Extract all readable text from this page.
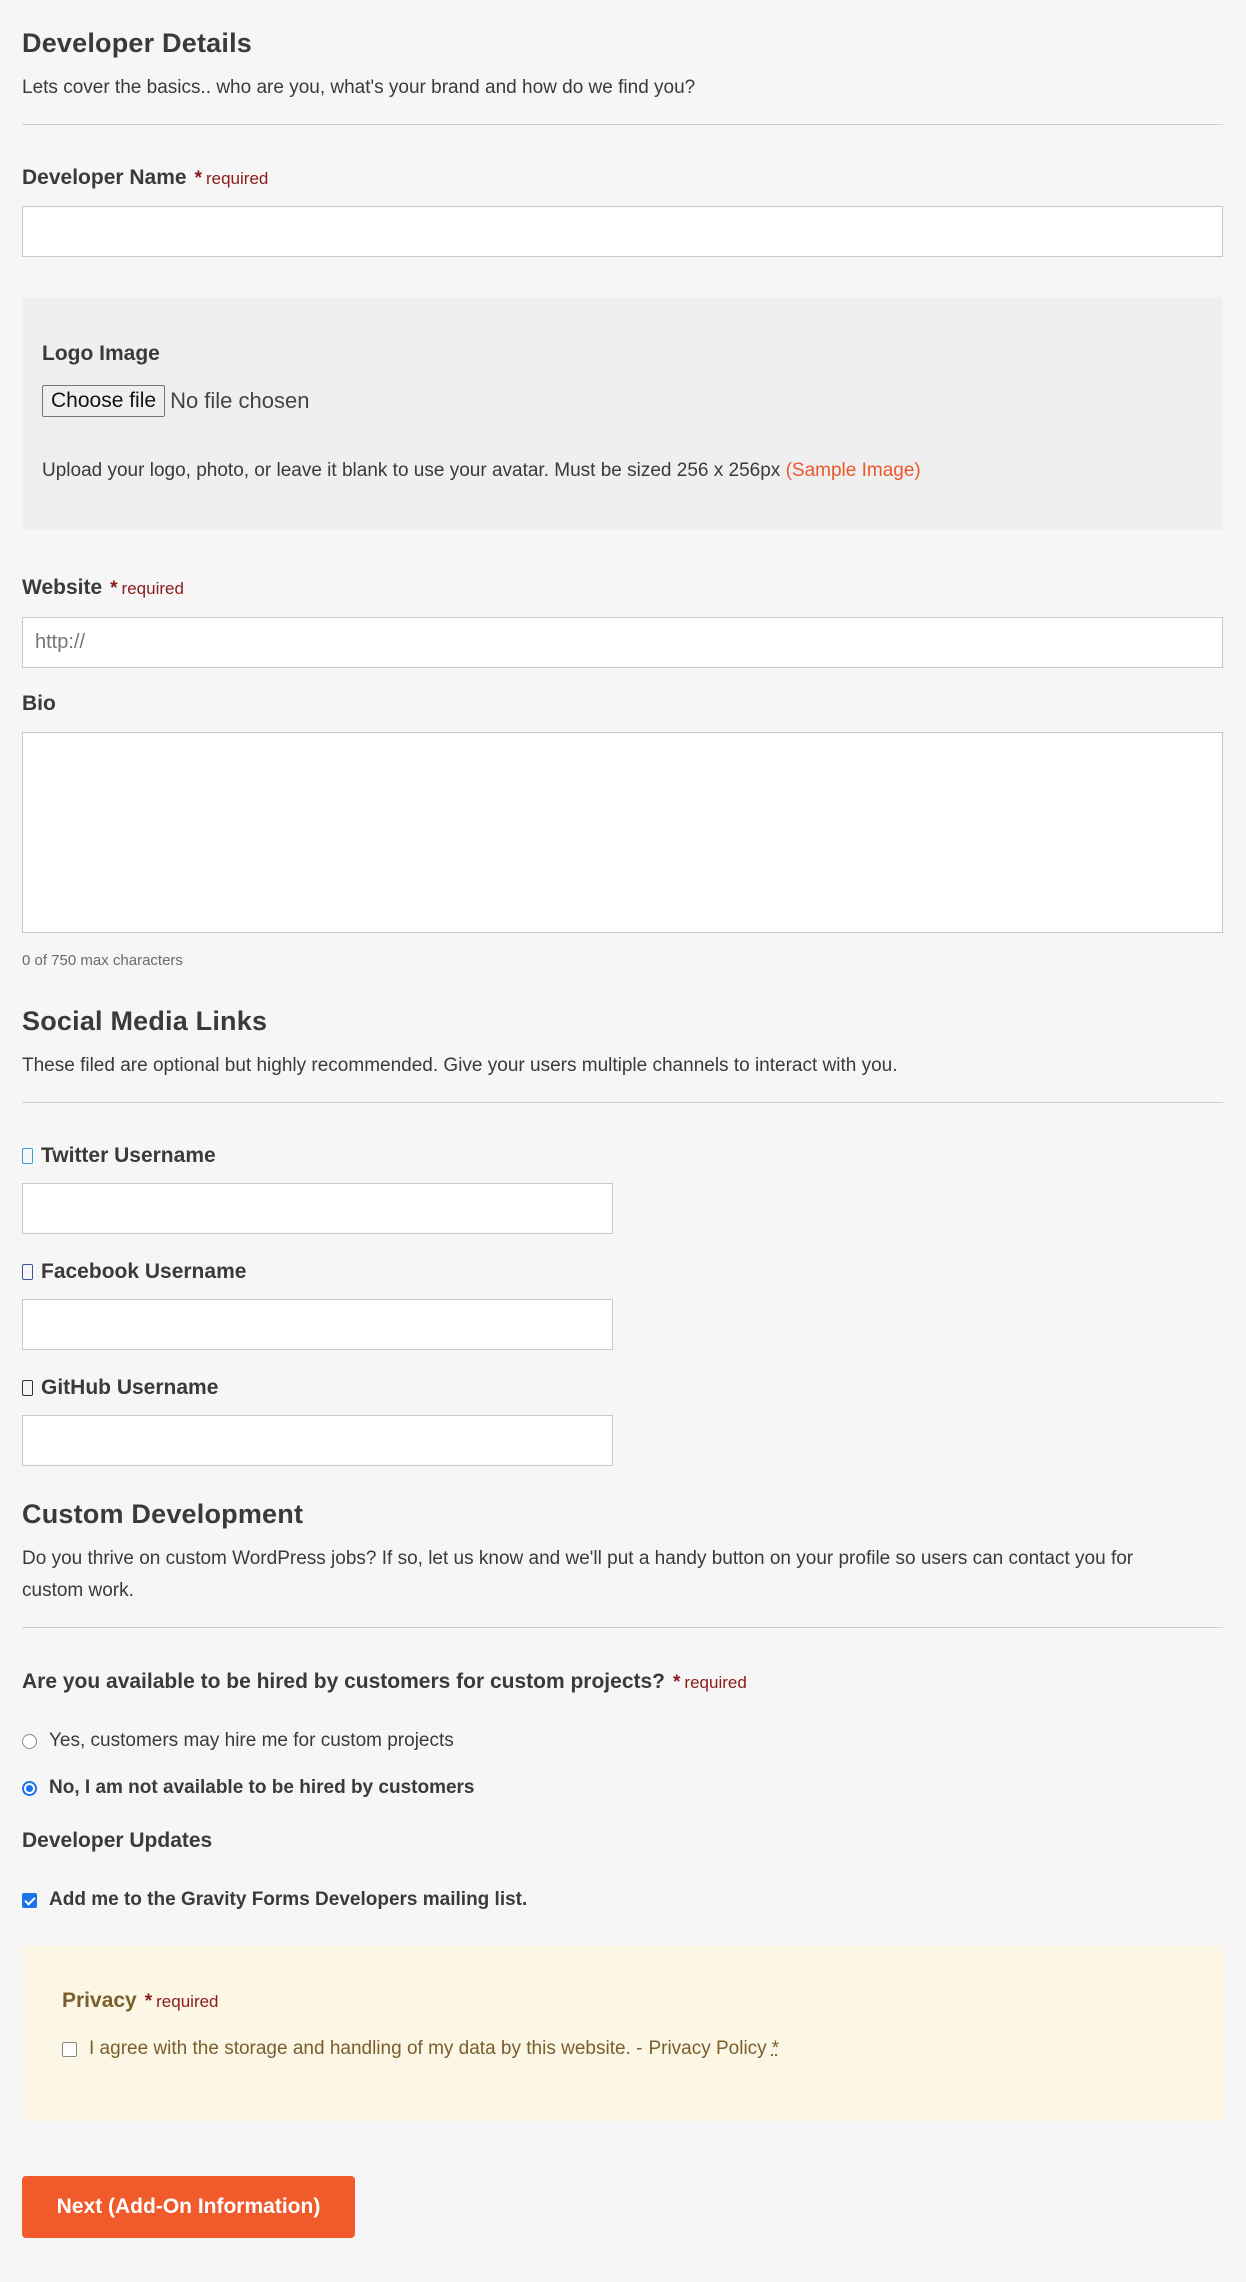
Developer Details
Lets cover the basics.. who are you, what's your brand and how do we find you?
Developer Name * required
Logo Image
Choose file No file chosen
Upload your logo, photo, or leave it blank to use your avatar. Must be sized 256 x 256px (Sample Image)
Website * required
http://
Bio
0 of 750 max characters
Social Media Links
These filed are optional but highly recommended. Give your users multiple channels to interact with you.
Twitter Username
Facebook Username
GitHub Username
Custom Development
Do you thrive on custom WordPress jobs? If so, let us know and we'll put a handy button on your profile so users can contact you for
custom work.
Are you available to be hired by customers for custom projects? * required
Yes, customers may hire me for custom projects
No, I am not available to be hired by customers
Developer Updates
Add me to the Gravity Forms Developers mailing list.
Privacy * required
I agree with the storage and handling of my data by this website. - Privacy Policy *
Next (Add-On Information)
